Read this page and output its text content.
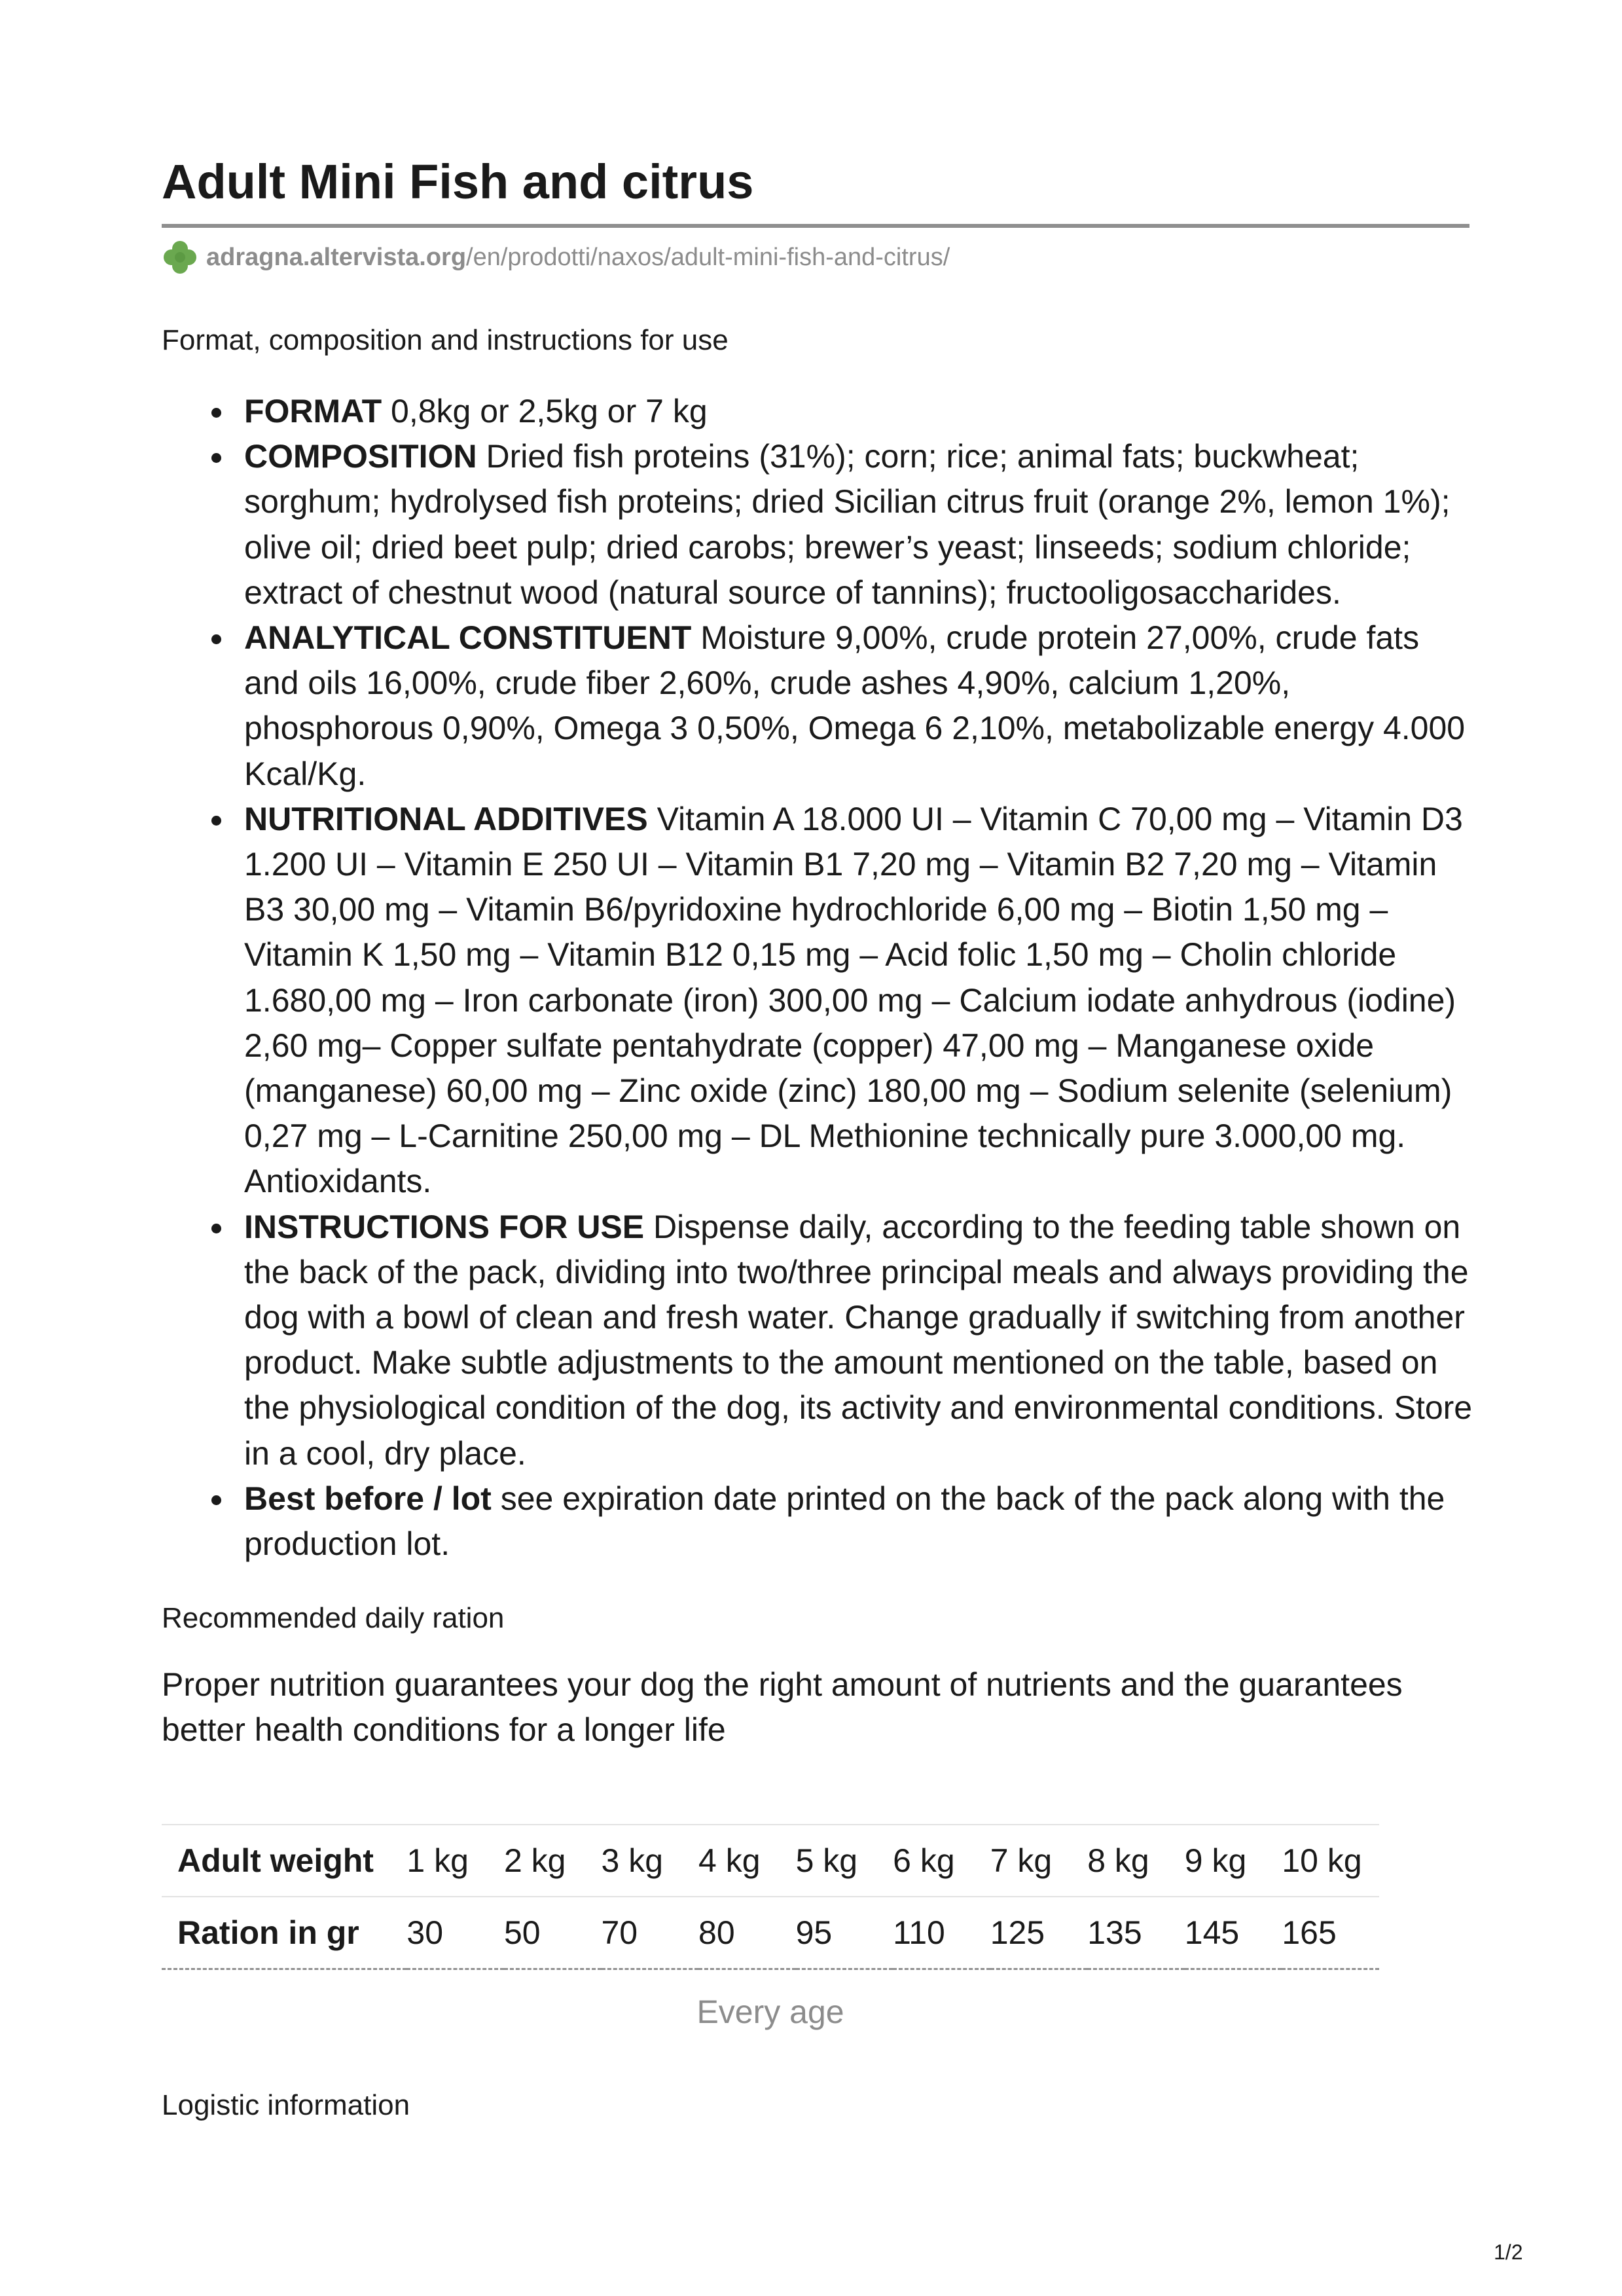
Adult Mini Fish and citrus
adragna.altervista.org /en/prodotti/naxos/adult-mini-fish-and-citrus/

Format, composition and instructions for use

FORMAT 0,8kg or 2,5kg or 7 kg
COMPOSITION Dried fish proteins (31%); corn; rice; animal fats; buckwheat; sorghum; hydrolysed fish proteins; dried Sicilian citrus fruit (orange 2%, lemon 1%); olive oil; dried beet pulp; dried carobs; brewer’s yeast; linseeds; sodium chloride; extract of chestnut wood (natural source of tannins); fructooligosaccharides.
ANALYTICAL CONSTITUENT Moisture 9,00%, crude protein 27,00%, crude fats and oils 16,00%, crude fiber 2,60%, crude ashes 4,90%, calcium 1,20%, phosphorous 0,90%, Omega 3 0,50%, Omega 6 2,10%, metabolizable energy 4.000 Kcal/Kg.
NUTRITIONAL ADDITIVES Vitamin A 18.000 UI – Vitamin C 70,00 mg – Vitamin D3 1.200 UI – Vitamin E 250 UI – Vitamin B1 7,20 mg – Vitamin B2 7,20 mg – Vitamin B3 30,00 mg – Vitamin B6/pyridoxine hydrochloride 6,00 mg – Biotin 1,50 mg – Vitamin K 1,50 mg – Vitamin B12 0,15 mg – Acid folic 1,50 mg – Cholin chloride 1.680,00 mg – Iron carbonate (iron) 300,00 mg – Calcium iodate anhydrous (iodine) 2,60 mg– Copper sulfate pentahydrate (copper) 47,00 mg – Manganese oxide (manganese) 60,00 mg – Zinc oxide (zinc) 180,00 mg – Sodium selenite (selenium) 0,27 mg – L-Carnitine 250,00 mg – DL Methionine technically pure 3.000,00 mg. Antioxidants.
INSTRUCTIONS FOR USE Dispense daily, according to the feeding table shown on the back of the pack, dividing into two/three principal meals and always providing the dog with a bowl of clean and fresh water. Change gradually if switching from another product. Make subtle adjustments to the amount mentioned on the table, based on the physiological condition of the dog, its activity and environmental conditions. Store in a cool, dry place.
Best before / lot see expiration date printed on the back of the pack along with the production lot.

Recommended daily ration

Proper nutrition guarantees your dog the right amount of nutrients and the guarantees better health conditions for a longer life

Adult weight	1 kg	2 kg	3 kg	4 kg	5 kg	6 kg	7 kg	8 kg	9 kg	10 kg
Ration in gr	30	50	70	80	95	110	125	135	145	165
Every age

Logistic information

1/2
